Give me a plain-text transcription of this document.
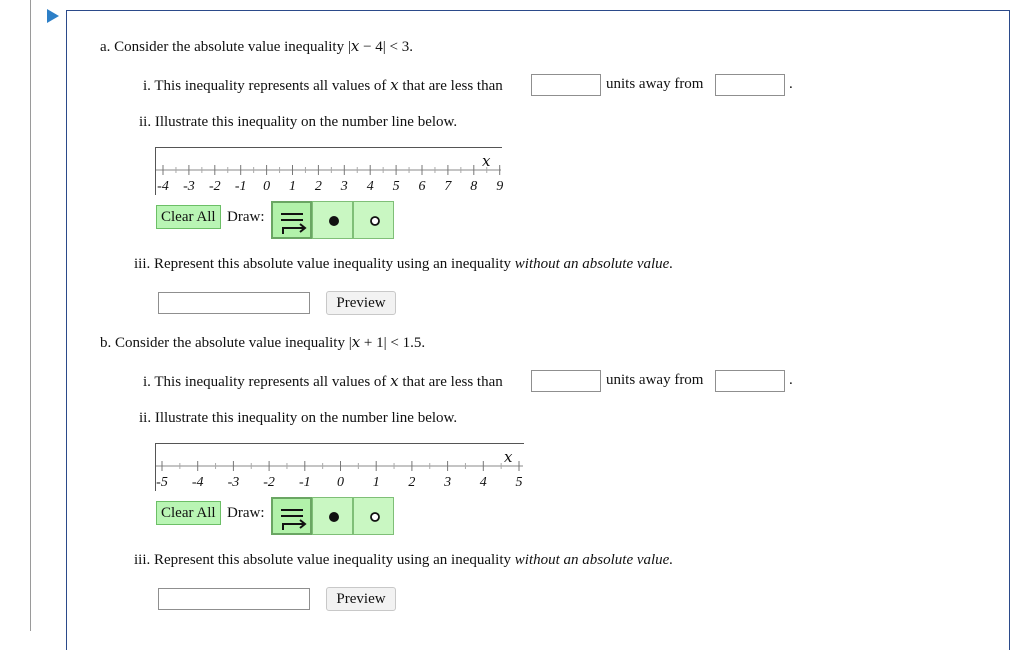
a. Consider the absolute value inequality |𝑥 − 4| < 3.
i. This inequality represents all values of 𝑥 that are less than	units away from	.
ii. Illustrate this inequality on the number line below.
-4 -3 -2 -1 0 1 2 3 4 5 6 7 8 9
𝑥
Clear All Draw:
iii. Represent this absolute value inequality using an inequality without an absolute value.
Preview
b. Consider the absolute value inequality |𝑥 + 1| < 1.5.
i. This inequality represents all values of 𝑥 that are less than	units away from	.
ii. Illustrate this inequality on the number line below.
-5 -4 -3 -2 -1 0 1 2 3 4 5
𝑥
Clear All Draw:
iii. Represent this absolute value inequality using an inequality without an absolute value.
Preview
